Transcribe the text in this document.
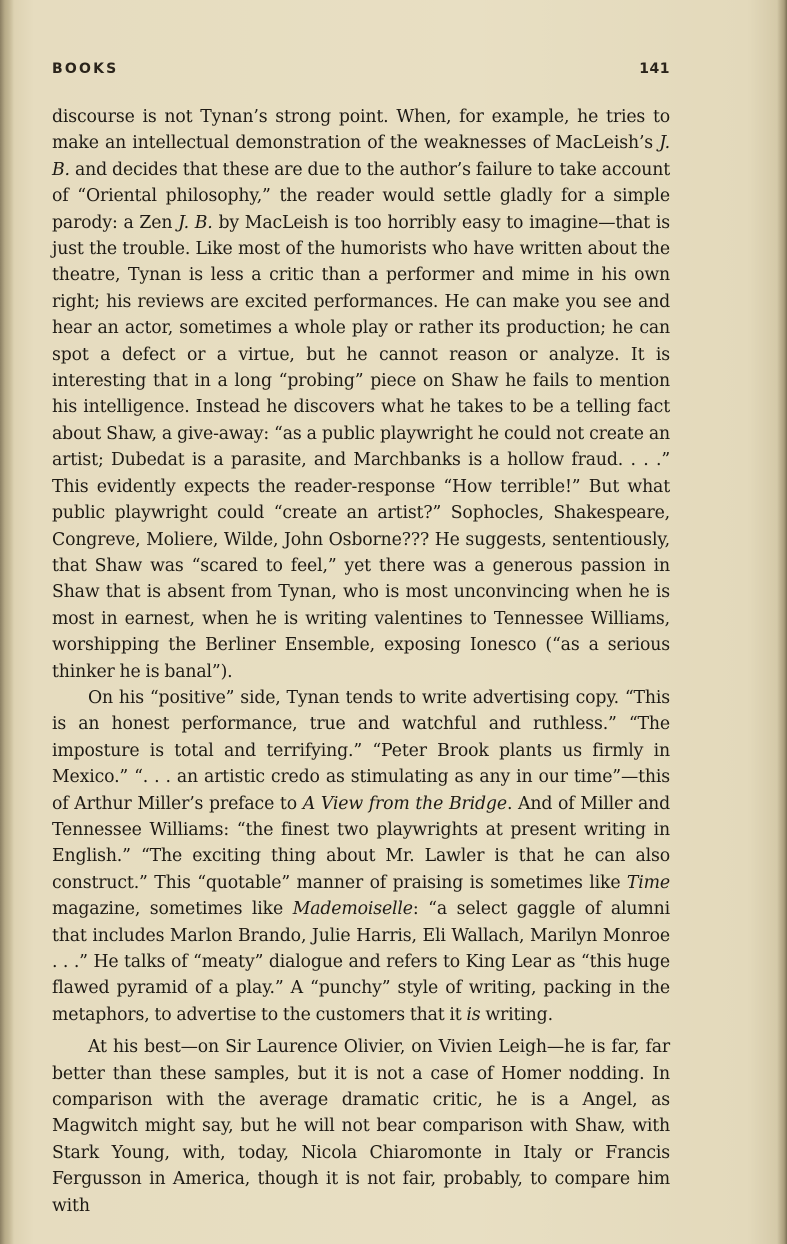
BOOKS	141

discourse is not Tynan’s strong point. When, for example, he tries to make an intellectual demonstration of the weaknesses of MacLeish’s J. B. and decides that these are due to the author’s failure to take account of “Oriental philosophy,” the reader would settle gladly for a simple parody: a Zen J. B. by MacLeish is too horribly easy to imagine—that is just the trouble. Like most of the humorists who have written about the theatre, Tynan is less a critic than a performer and mime in his own right; his reviews are excited performances. He can make you see and hear an actor, sometimes a whole play or rather its production; he can spot a defect or a virtue, but he cannot reason or analyze. It is interesting that in a long “probing” piece on Shaw he fails to mention his intelligence. Instead he discovers what he takes to be a telling fact about Shaw, a give-away: “as a public playwright he could not create an artist; Dubedat is a parasite, and Marchbanks is a hollow fraud. . . .” This evidently expects the reader-response “How terrible!” But what public playwright could “create an artist?” Sophocles, Shakespeare, Congreve, Moliere, Wilde, John Osborne??? He suggests, sententiously, that Shaw was “scared to feel,” yet there was a generous passion in Shaw that is absent from Tynan, who is most unconvincing when he is most in earnest, when he is writing valentines to Tennessee Williams, worshipping the Berliner Ensemble, exposing Ionesco (“as a serious thinker he is banal”).

On his “positive” side, Tynan tends to write advertising copy. “This is an honest performance, true and watchful and ruthless.” “The imposture is total and terrifying.” “Peter Brook plants us firmly in Mexico.” “. . . an artistic credo as stimulating as any in our time”—this of Arthur Miller’s preface to A View from the Bridge. And of Miller and Tennessee Williams: “the finest two playwrights at present writing in English.” “The exciting thing about Mr. Lawler is that he can also construct.” This “quotable” manner of praising is sometimes like Time magazine, sometimes like Mademoiselle: “a select gaggle of alumni that includes Marlon Brando, Julie Harris, Eli Wallach, Marilyn Monroe . . .” He talks of “meaty” dialogue and refers to King Lear as “this huge flawed pyramid of a play.” A “punchy” style of writing, packing in the metaphors, to advertise to the customers that it is writing.

At his best—on Sir Laurence Olivier, on Vivien Leigh—he is far, far better than these samples, but it is not a case of Homer nodding. In comparison with the average dramatic critic, he is a Angel, as Magwitch might say, but he will not bear comparison with Shaw, with Stark Young, with, today, Nicola Chiaromonte in Italy or Francis Fergusson in America, though it is not fair, probably, to compare him with
